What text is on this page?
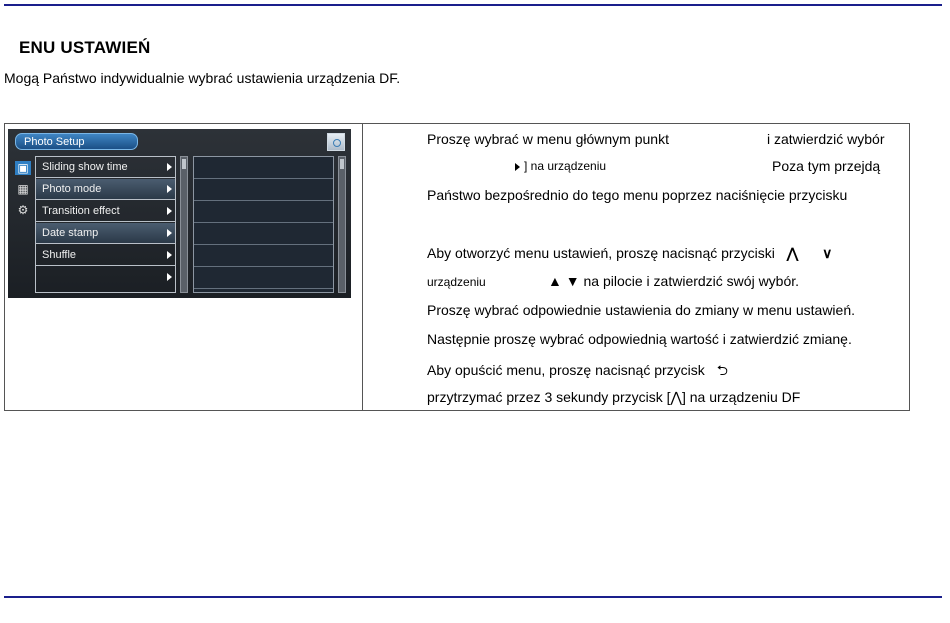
ENU USTAWIEŃ
Mogą Państwo indywidualnie wybrać ustawienia urządzenia DF.
Photo Setup
▣
▦
⚙
Sliding show time
Photo mode
Transition effect
Date stamp
Shuffle
Proszę wybrać w menu głównym punkt	i zatwierdzić wybór
] na urządzeniu	Poza tym przejdą
Państwo bezpośrednio do tego menu poprzez naciśnięcie przycisku
Aby otworzyć menu ustawień, proszę nacisnąć przyciski ⋀ ∨
urządzeniu	▲ ▼ na pilocie i zatwierdzić swój wybór.
Proszę wybrać odpowiednie ustawienia do zmiany w menu ustawień.
Następnie proszę wybrać odpowiednią wartość i zatwierdzić zmianę.
Aby opuścić menu, proszę nacisnąć przycisk ⮌
przytrzymać przez 3 sekundy przycisk [⋀] na urządzeniu DF
